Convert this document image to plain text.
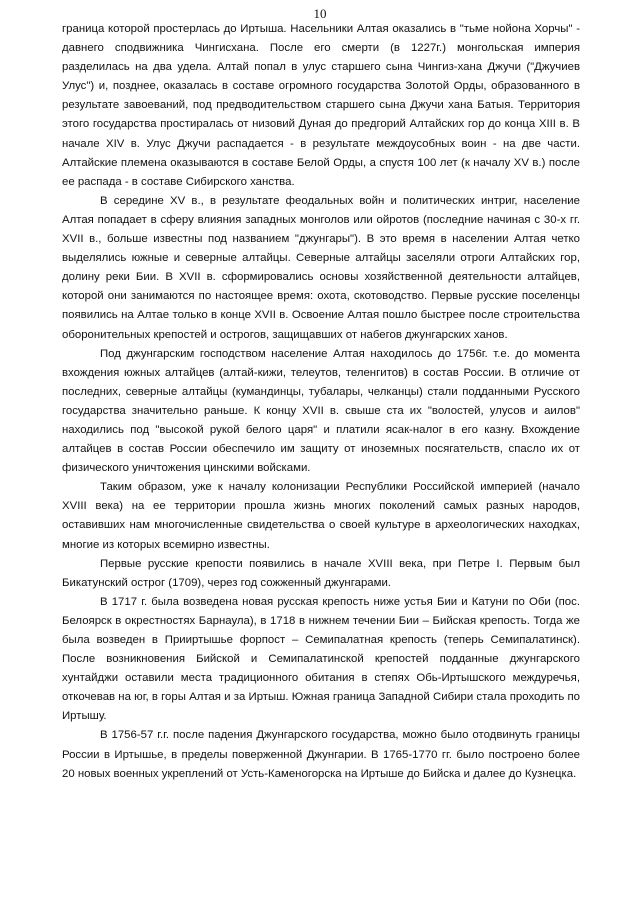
10

граница которой простерлась до Иртыша. Насельники Алтая оказались в "тьме нойона Хорчы" - давнего сподвижника Чингисхана. После его смерти (в 1227г.) монгольская империя разделилась на два удела. Алтай попал в улус старшего сына Чингиз-хана Джучи ("Джучиев Улус") и, позднее, оказалась в составе огромного государства Золотой Орды, образованного в результате завоеваний, под предводительством старшего сына Джучи хана Батыя. Территория этого государства простиралась от низовий Дуная до предгорий Алтайских гор до конца XIII в. В начале XIV в. Улус Джучи распадается - в результате междоусобных воин - на две части. Алтайские племена оказываются в составе Белой Орды, а спустя 100 лет (к началу XV в.) после ее распада - в составе Сибирского ханства.

В середине XV в., в результате феодальных войн и политических интриг, население Алтая попадает в сферу влияния западных монголов или ойротов (последние начиная с 30-х гг. XVII в., больше известны под названием "джунгары"). В это время в населении Алтая четко выделялись южные и северные алтайцы. Северные алтайцы заселяли отроги Алтайских гор, долину реки Бии. В XVII в. сформировались основы хозяйственной деятельности алтайцев, которой они занимаются по настоящее время: охота, скотоводство. Первые русские поселенцы появились на Алтае только в конце XVII в. Освоение Алтая пошло быстрее после строительства оборонительных крепостей и острогов, защищавших от набегов джунгарских ханов.

Под джунгарским господством население Алтая находилось до 1756г. т.е. до момента вхождения южных алтайцев (алтай-кижи, телеутов, теленгитов) в состав России. В отличие от последних, северные алтайцы (кумандинцы, тубалары, челканцы) стали подданными Русского государства значительно раньше. К концу XVII в. свыше ста их "волостей, улусов и аилов" находились под "высокой рукой белого царя" и платили ясак-налог в его казну. Вхождение алтайцев в состав России обеспечило им защиту от иноземных посягательств, спасло их от физического уничтожения цинскими войсками.

Таким образом, уже к началу колонизации Республики Российской империей (начало XVIII века) на ее территории прошла жизнь многих поколений самых разных народов, оставивших нам многочисленные свидетельства о своей культуре в археологических находках, многие из которых всемирно известны.

Первые русские крепости появились в начале XVIII века, при Петре I. Первым был Бикатунский острог (1709), через год сожженный джунгарами.

В 1717 г. была возведена новая русская крепость ниже устья Бии и Катуни по Оби (пос. Белоярск в окрестностях Барнаула), в 1718 в нижнем течении Бии – Бийская крепость. Тогда же была возведен в Прииртышье форпост – Семипалатная крепость (теперь Семипалатинск). После возникновения Бийской и Семипалатинской крепостей подданные джунгарского хунтайджи оставили места традиционного обитания в степях Обь-Иртышского междуречья, откочевав на юг, в горы Алтая и за Иртыш. Южная граница Западной Сибири стала проходить по Иртышу.

В 1756-57 г.г. после падения Джунгарского государства, можно было отодвинуть границы России в Иртышье, в пределы поверженной Джунгарии. В 1765-1770 гг. было построено более 20 новых военных укреплений от Усть-Каменогорска на Иртыше до Бийска и далее до Кузнецка.
